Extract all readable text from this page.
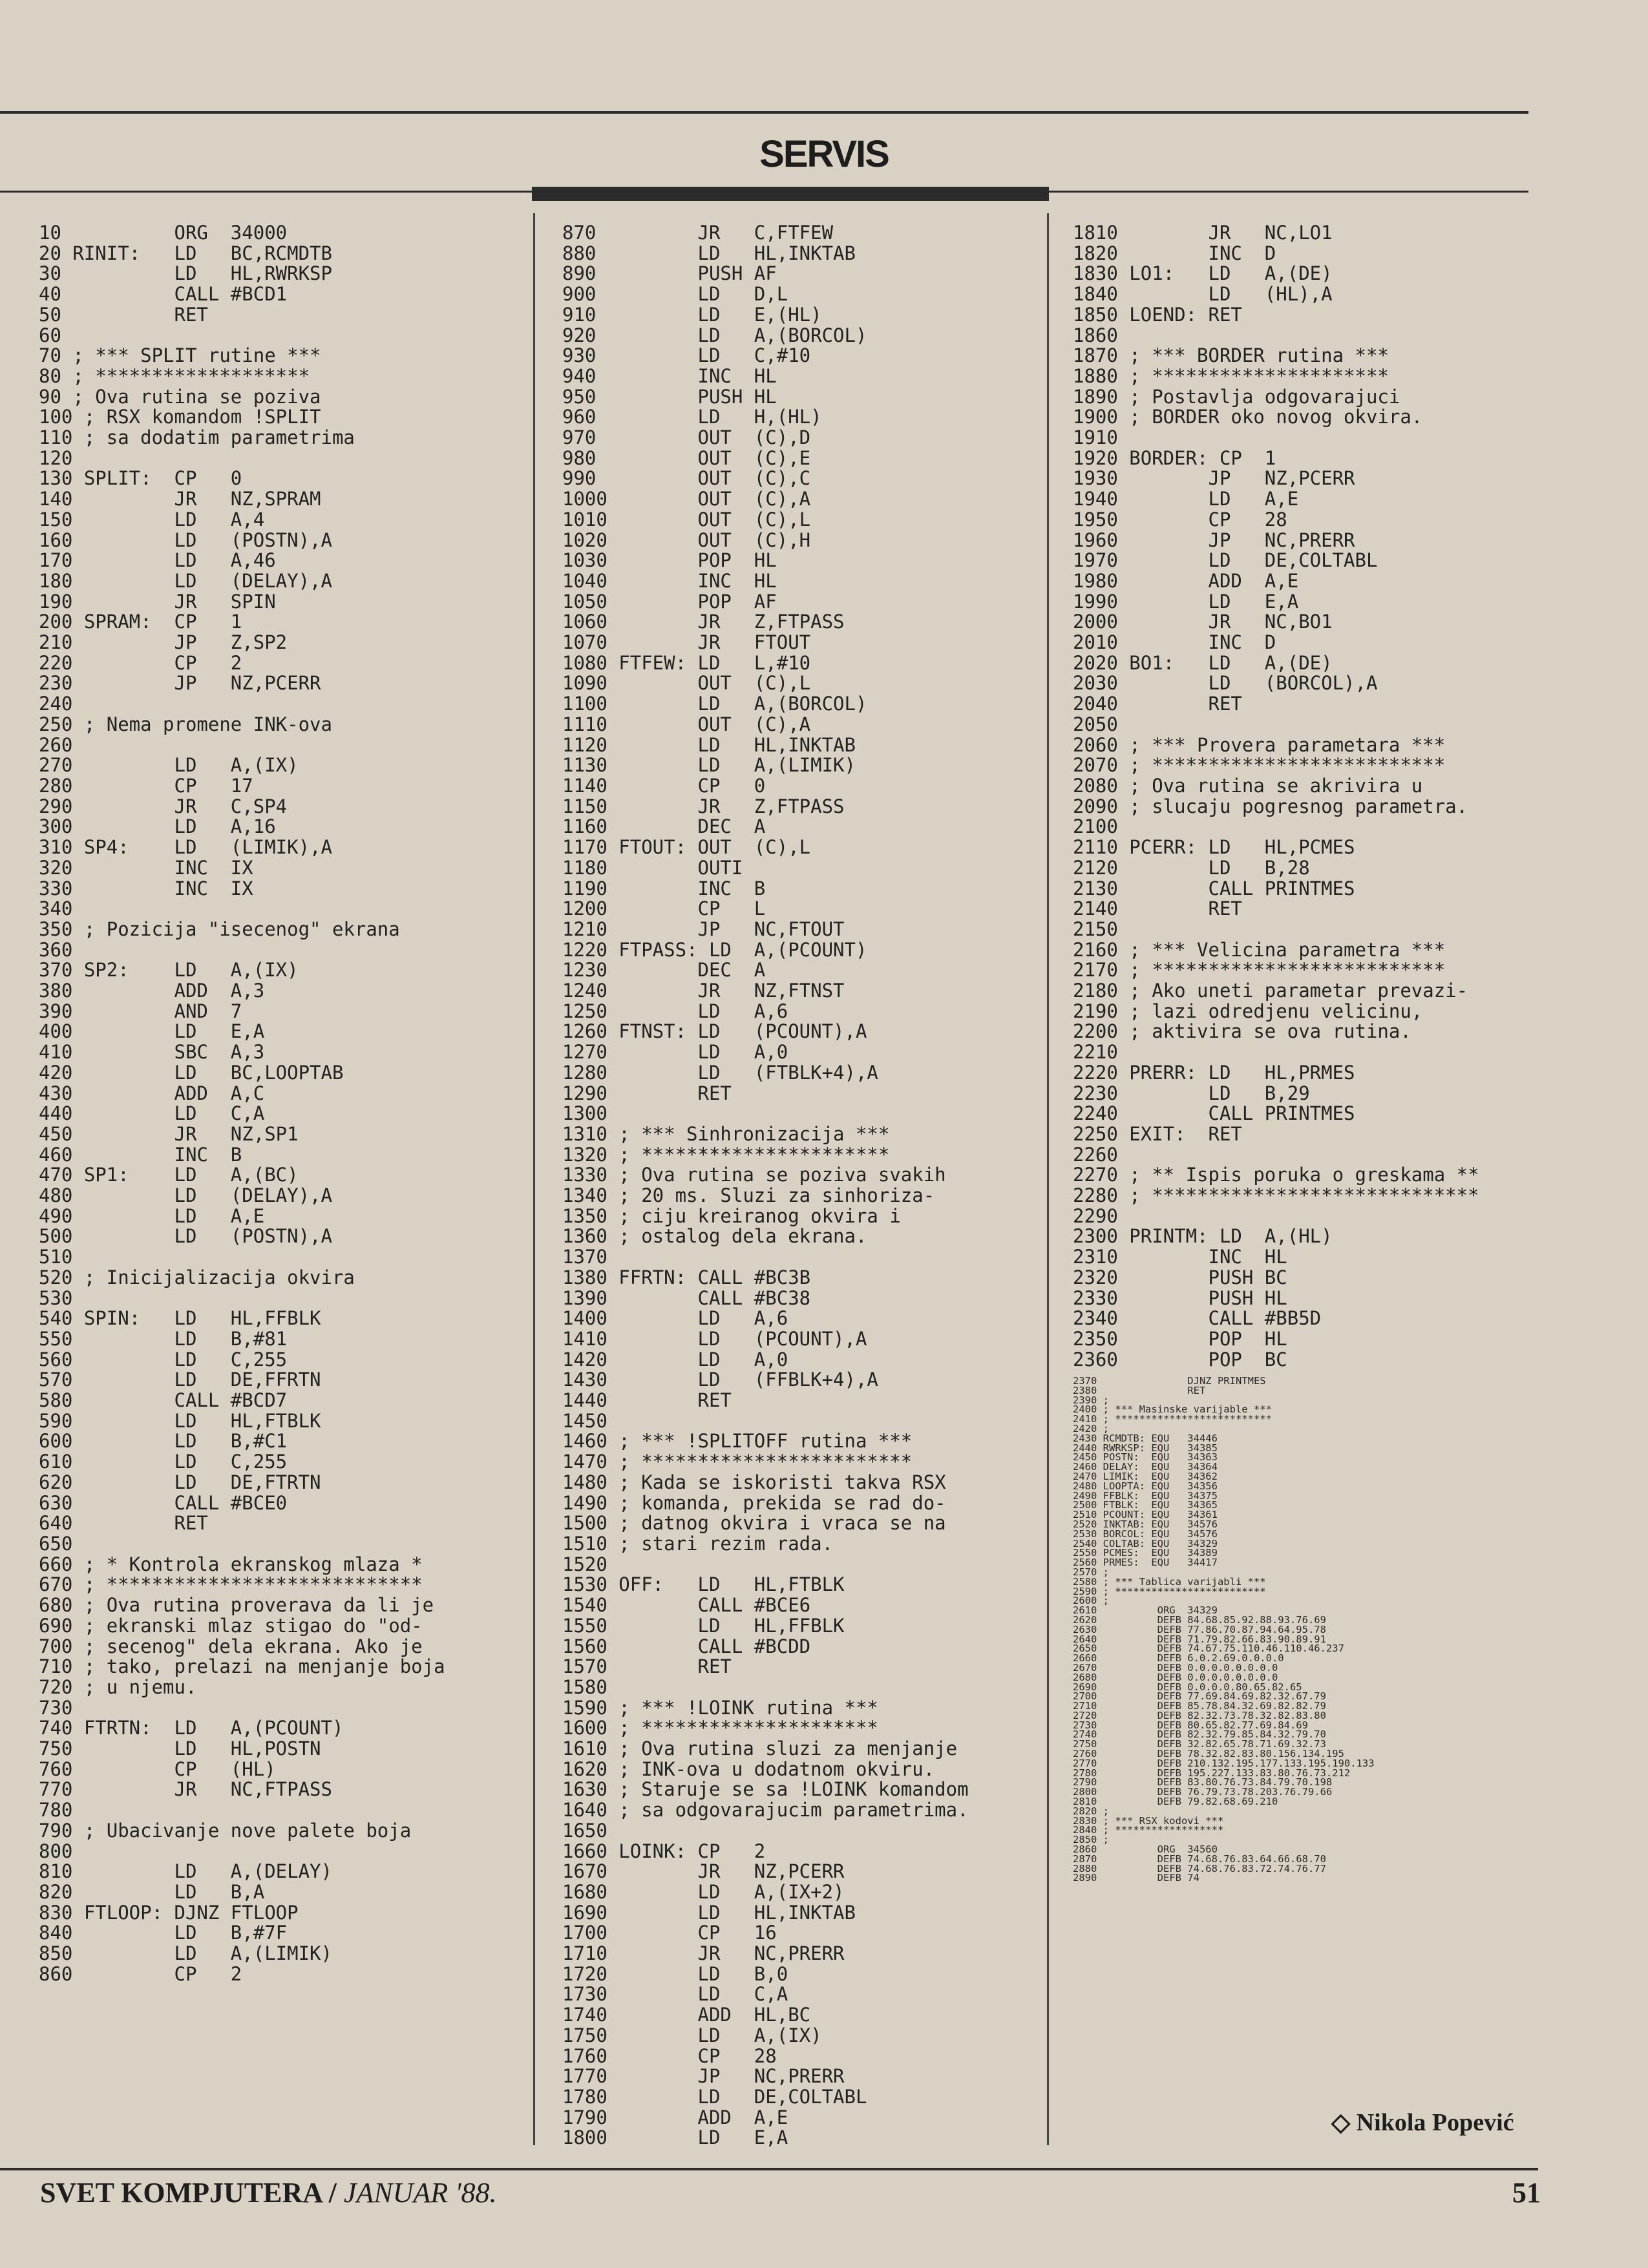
SERVIS
10          ORG  34000
20 RINIT:   LD   BC,RCMDTB
30          LD   HL,RWRKSP
40          CALL #BCD1
50          RET
60
70 ; *** SPLIT rutine ***
80 ; *******************
90 ; Ova rutina se poziva
100 ; RSX komandom !SPLIT
110 ; sa dodatim parametrima
120
130 SPLIT:  CP   0
140         JR   NZ,SPRAM
150         LD   A,4
160         LD   (POSTN),A
170         LD   A,46
180         LD   (DELAY),A
190         JR   SPIN
200 SPRAM:  CP   1
210         JP   Z,SP2
220         CP   2
230         JP   NZ,PCERR
240
250 ; Nema promene INK-ova
260
270         LD   A,(IX)
280         CP   17
290         JR   C,SP4
300         LD   A,16
310 SP4:    LD   (LIMIK),A
320         INC  IX
330         INC  IX
340
350 ; Pozicija "isecenog" ekrana
360
370 SP2:    LD   A,(IX)
380         ADD  A,3
390         AND  7
400         LD   E,A
410         SBC  A,3
420         LD   BC,LOOPTAB
430         ADD  A,C
440         LD   C,A
450         JR   NZ,SP1
460         INC  B
470 SP1:    LD   A,(BC)
480         LD   (DELAY),A
490         LD   A,E
500         LD   (POSTN),A
510
520 ; Inicijalizacija okvira
530
540 SPIN:   LD   HL,FFBLK
550         LD   B,#81
560         LD   C,255
570         LD   DE,FFRTN
580         CALL #BCD7
590         LD   HL,FTBLK
600         LD   B,#C1
610         LD   C,255
620         LD   DE,FTRTN
630         CALL #BCE0
640         RET
650
660 ; * Kontrola ekranskog mlaza *
670 ; ****************************
680 ; Ova rutina proverava da li je
690 ; ekranski mlaz stigao do "od-
700 ; secenog" dela ekrana. Ako je
710 ; tako, prelazi na menjanje boja
720 ; u njemu.
730
740 FTRTN:  LD   A,(PCOUNT)
750         LD   HL,POSTN
760         CP   (HL)
770         JR   NC,FTPASS
780
790 ; Ubacivanje nove palete boja
800
810         LD   A,(DELAY)
820         LD   B,A
830 FTLOOP: DJNZ FTLOOP
840         LD   B,#7F
850         LD   A,(LIMIK)
860         CP   2
870         JR   C,FTFEW
880         LD   HL,INKTAB
890         PUSH AF
900         LD   D,L
910         LD   E,(HL)
920         LD   A,(BORCOL)
930         LD   C,#10
940         INC  HL
950         PUSH HL
960         LD   H,(HL)
970         OUT  (C),D
980         OUT  (C),E
990         OUT  (C),C
1000        OUT  (C),A
1010        OUT  (C),L
1020        OUT  (C),H
1030        POP  HL
1040        INC  HL
1050        POP  AF
1060        JR   Z,FTPASS
1070        JR   FTOUT
1080 FTFEW: LD   L,#10
1090        OUT  (C),L
1100        LD   A,(BORCOL)
1110        OUT  (C),A
1120        LD   HL,INKTAB
1130        LD   A,(LIMIK)
1140        CP   0
1150        JR   Z,FTPASS
1160        DEC  A
1170 FTOUT: OUT  (C),L
1180        OUTI
1190        INC  B
1200        CP   L
1210        JP   NC,FTOUT
1220 FTPASS: LD  A,(PCOUNT)
1230        DEC  A
1240        JR   NZ,FTNST
1250        LD   A,6
1260 FTNST: LD   (PCOUNT),A
1270        LD   A,0
1280        LD   (FTBLK+4),A
1290        RET
1300
1310 ; *** Sinhronizacija ***
1320 ; **********************
1330 ; Ova rutina se poziva svakih
1340 ; 20 ms. Sluzi za sinhoriza-
1350 ; ciju kreiranog okvira i
1360 ; ostalog dela ekrana.
1370
1380 FFRTN: CALL #BC3B
1390        CALL #BC38
1400        LD   A,6
1410        LD   (PCOUNT),A
1420        LD   A,0
1430        LD   (FFBLK+4),A
1440        RET
1450
1460 ; *** !SPLITOFF rutina ***
1470 ; ************************
1480 ; Kada se iskoristi takva RSX
1490 ; komanda, prekida se rad do-
1500 ; datnog okvira i vraca se na
1510 ; stari rezim rada.
1520
1530 OFF:   LD   HL,FTBLK
1540        CALL #BCE6
1550        LD   HL,FFBLK
1560        CALL #BCDD
1570        RET
1580
1590 ; *** !LOINK rutina ***
1600 ; *********************
1610 ; Ova rutina sluzi za menjanje
1620 ; INK-ova u dodatnom okviru.
1630 ; Staruje se sa !LOINK komandom
1640 ; sa odgovarajucim parametrima.
1650
1660 LOINK: CP   2
1670        JR   NZ,PCERR
1680        LD   A,(IX+2)
1690        LD   HL,INKTAB
1700        CP   16
1710        JR   NC,PRERR
1720        LD   B,0
1730        LD   C,A
1740        ADD  HL,BC
1750        LD   A,(IX)
1760        CP   28
1770        JP   NC,PRERR
1780        LD   DE,COLTABL
1790        ADD  A,E
1800        LD   E,A
1810        JR   NC,LO1
1820        INC  D
1830 LO1:   LD   A,(DE)
1840        LD   (HL),A
1850 LOEND: RET
1860
1870 ; *** BORDER rutina ***
1880 ; *********************
1890 ; Postavlja odgovarajuci
1900 ; BORDER oko novog okvira.
1910
1920 BORDER: CP  1
1930        JP   NZ,PCERR
1940        LD   A,E
1950        CP   28
1960        JP   NC,PRERR
1970        LD   DE,COLTABL
1980        ADD  A,E
1990        LD   E,A
2000        JR   NC,BO1
2010        INC  D
2020 BO1:   LD   A,(DE)
2030        LD   (BORCOL),A
2040        RET
2050
2060 ; *** Provera parametara ***
2070 ; **************************
2080 ; Ova rutina se akrivira u
2090 ; slucaju pogresnog parametra.
2100
2110 PCERR: LD   HL,PCMES
2120        LD   B,28
2130        CALL PRINTMES
2140        RET
2150
2160 ; *** Velicina parametra ***
2170 ; **************************
2180 ; Ako uneti parametar prevazi-
2190 ; lazi odredjenu velicinu,
2200 ; aktivira se ova rutina.
2210
2220 PRERR: LD   HL,PRMES
2230        LD   B,29
2240        CALL PRINTMES
2250 EXIT:  RET
2260
2270 ; ** Ispis poruka o greskama **
2280 ; *****************************
2290
2300 PRINTM: LD  A,(HL)
2310        INC  HL
2320        PUSH BC
2330        PUSH HL
2340        CALL #BB5D
2350        POP  HL
2360        POP  BC
2370               DJNZ PRINTMES
2380               RET
2390 ;
2400 ; *** Masinske varijable ***
2410 ; **************************
2420 ;
2430 RCMDTB: EQU   34446
2440 RWRKSP: EQU   34385
2450 POSTN:  EQU   34363
2460 DELAY:  EQU   34364
2470 LIMIK:  EQU   34362
2480 LOOPTA: EQU   34356
2490 FFBLK:  EQU   34375
2500 FTBLK:  EQU   34365
2510 PCOUNT: EQU   34361
2520 INKTAB: EQU   34576
2530 BORCOL: EQU   34576
2540 COLTAB: EQU   34329
2550 PCMES:  EQU   34389
2560 PRMES:  EQU   34417
2570 ;
2580 ; *** Tablica varijabli ***
2590 ; *************************
2600 ;
2610          ORG  34329
2620          DEFB 84.68.85.92.88.93.76.69
2630          DEFB 77.86.70.87.94.64.95.78
2640          DEFB 71.79.82.66.83.90.89.91
2650          DEFB 74.67.75.110.46.110.46.237
2660          DEFB 6.0.2.69.0.0.0.0
2670          DEFB 0.0.0.0.0.0.0.0
2680          DEFB 0.0.0.0.0.0.0.0
2690          DEFB 0.0.0.0.80.65.82.65
2700          DEFB 77.69.84.69.82.32.67.79
2710          DEFB 85.78.84.32.69.82.82.79
2720          DEFB 82.32.73.78.32.82.83.80
2730          DEFB 80.65.82.77.69.84.69
2740          DEFB 82.32.79.85.84.32.79.70
2750          DEFB 32.82.65.78.71.69.32.73
2760          DEFB 78.32.82.83.80.156.134.195
2770          DEFB 210.132.195.177.133.195.190.133
2780          DEFB 195.227.133.83.80.76.73.212
2790          DEFB 83.80.76.73.84.79.70.198
2800          DEFB 76.79.73.78.203.76.79.66
2810          DEFB 79.82.68.69.210
2820 ;
2830 ; *** RSX kodovi ***
2840 ; ******************
2850 ;
2860          ORG  34560
2870          DEFB 74.68.76.83.64.66.68.70
2880          DEFB 74.68.76.83.72.74.76.77
2890          DEFB 74
◇ Nikola Popević
SVET KOMPJUTERA / JANUAR '88.	51
